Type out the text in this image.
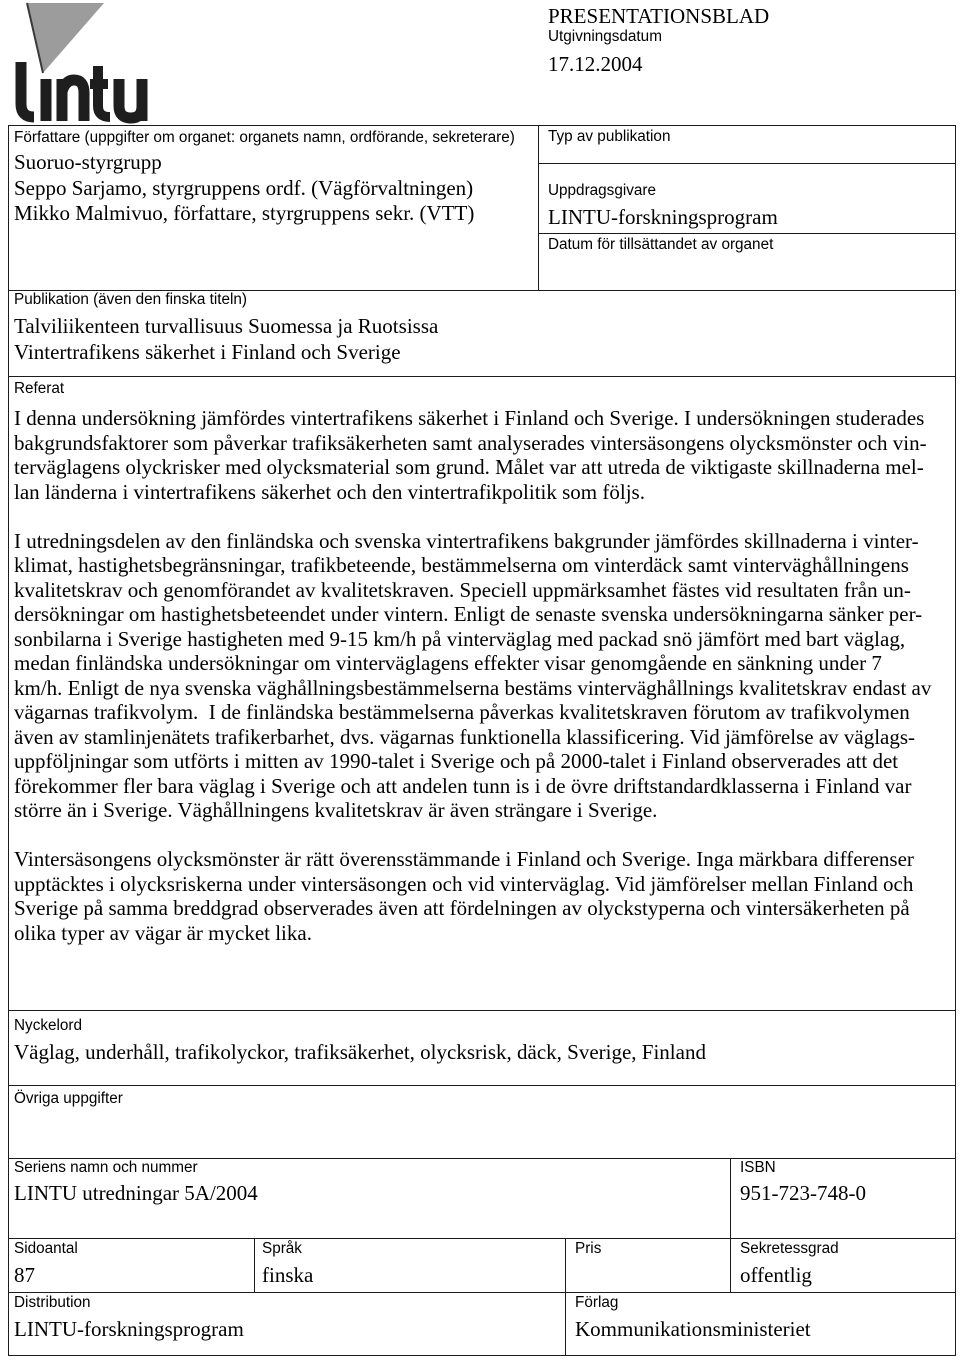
PRESENTATIONSBLAD
Utgivningsdatum
17.12.2004
Författare (uppgifter om organet: organets namn, ordförande, sekreterare)
Suoruo-styrgrupp
Seppo Sarjamo, styrgruppens ordf. (Vägförvaltningen)
Mikko Malmivuo, författare, styrgruppens sekr. (VTT)
Typ av publikation
Uppdragsgivare
LINTU-forskningsprogram
Datum för tillsättandet av organet
Publikation (även den finska titeln)
Talviliikenteen turvallisuus Suomessa ja Ruotsissa
Vintertrafikens säkerhet i Finland och Sverige
Referat
I denna undersökning jämfördes vintertrafikens säkerhet i Finland och Sverige. I undersökningen studerades
bakgrundsfaktorer som påverkar trafiksäkerheten samt analyserades vintersäsongens olycksmönster och vin-
terväglagens olyckrisker med olycksmaterial som grund. Målet var att utreda de viktigaste skillnaderna mel-
lan länderna i vintertrafikens säkerhet och den vintertrafikpolitik som följs.
I utredningsdelen av den finländska och svenska vintertrafikens bakgrunder jämfördes skillnaderna i vinter-
klimat, hastighetsbegränsningar, trafikbeteende, bestämmelserna om vinterdäck samt vinterväghållningens
kvalitetskrav och genomförandet av kvalitetskraven. Speciell uppmärksamhet fästes vid resultaten från un-
dersökningar om hastighetsbeteendet under vintern. Enligt de senaste svenska undersökningarna sänker per-
sonbilarna i Sverige hastigheten med 9-15 km/h på vinterväglag med packad snö jämfört med bart väglag,
medan finländska undersökningar om vinterväglagens effekter visar genomgående en sänkning under 7
km/h. Enligt de nya svenska väghållningsbestämmelserna bestäms vinterväghållnings kvalitetskrav endast av
vägarnas trafikvolym.  I de finländska bestämmelserna påverkas kvalitetskraven förutom av trafikvolymen
även av stamlinjenätets trafikerbarhet, dvs. vägarnas funktionella klassificering. Vid jämförelse av väglags-
uppföljningar som utförts i mitten av 1990-talet i Sverige och på 2000-talet i Finland observerades att det
förekommer fler bara väglag i Sverige och att andelen tunn is i de övre driftstandardklasserna i Finland var
större än i Sverige. Väghållningens kvalitetskrav är även strängare i Sverige.
Vintersäsongens olycksmönster är rätt överensstämmande i Finland och Sverige. Inga märkbara differenser
upptäcktes i olycksriskerna under vintersäsongen och vid vinterväglag. Vid jämförelser mellan Finland och
Sverige på samma breddgrad observerades även att fördelningen av olyckstyperna och vintersäkerheten på
olika typer av vägar är mycket lika.
Nyckelord
Väglag, underhåll, trafikolyckor, trafiksäkerhet, olycksrisk, däck, Sverige, Finland
Övriga uppgifter
Seriens namn och nummer
LINTU utredningar 5A/2004
ISBN
951-723-748-0
Sidoantal
87
Språk
finska
Pris	Sekretessgrad
offentlig
Distribution
LINTU-forskningsprogram
Förlag
Kommunikationsministeriet
